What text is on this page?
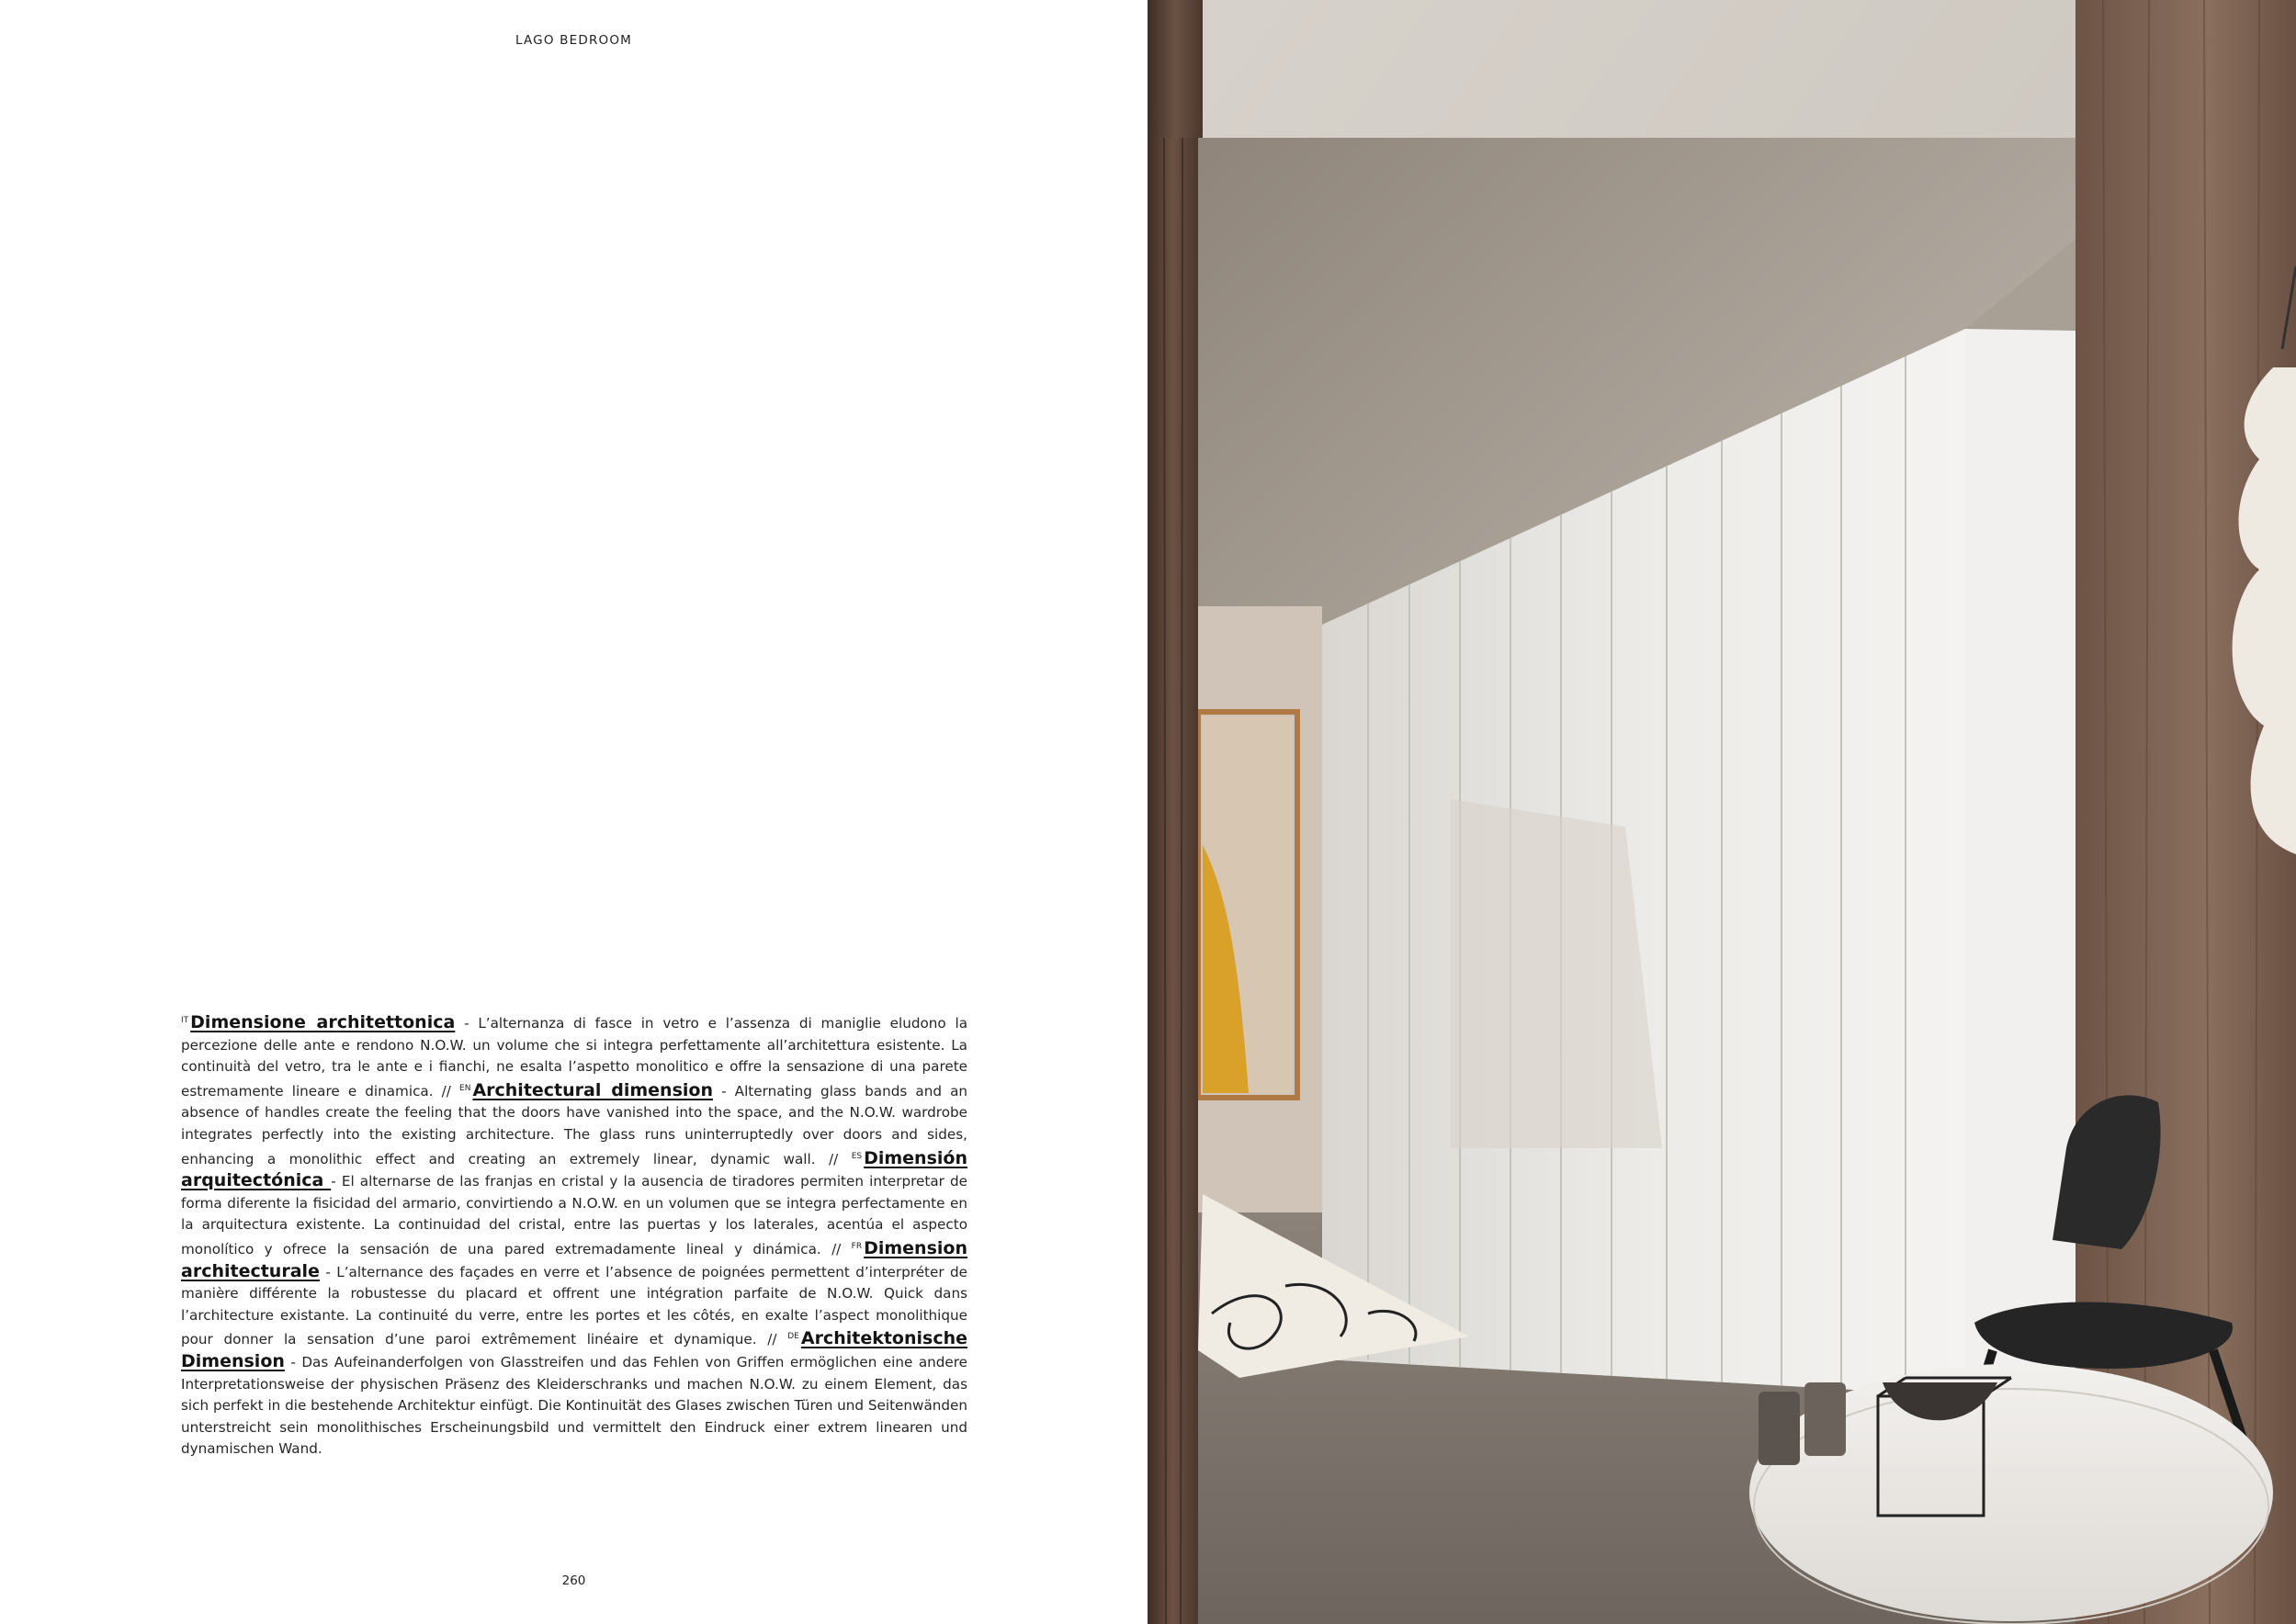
LAGO BEDROOM
$^{IT}$ Dimensione architettonica - L’alternanza di fasce in vetro e l’assenza di maniglie eludono la percezione delle ante e rendono N.O.W. un volume che si integra perfettamente all’architettura esistente. La continuità del vetro, tra le ante e i fianchi, ne esalta l’aspetto monolitico e offre la sensazione di una parete estremamente lineare e dinamica. // $^{EN}$ Architectural dimension - Alternating glass bands and an absence of handles create the feeling that the doors have vanished into the space, and the N.O.W. wardrobe integrates perfectly into the existing architecture. The glass runs uninterruptedly over doors and sides, enhancing a monolithic effect and creating an extremely linear, dynamic wall. // $^{ES}$ Dimensión arquitectónica - El alternarse de las franjas en cristal y la ausencia de tiradores permiten interpretar de forma diferente la fisicidad del armario, convirtiendo a N.O.W. en un volumen que se integra perfectamente en la arquitectura existente. La continuidad del cristal, entre las puertas y los laterales, acentúa el aspecto monolítico y ofrece la sensación de una pared extremadamente lineal y dinámica. // $^{FR}$ Dimension architecturale - L’alternance des façades en verre et l’absence de poignées permettent d’interpréter de manière différente la robustesse du placard et offrent une intégration parfaite de N.O.W. Quick dans l’architecture existante. La continuité du verre, entre les portes et les côtés, en exalte l’aspect monolithique pour donner la sensation d’une paroi extrêmement linéaire et dynamique. // $^{DE}$ Architektonische Dimension - Das Aufeinanderfolgen von Glasstreifen und das Fehlen von Griffen ermöglichen eine andere Interpretationsweise der physischen Präsenz des Kleiderschranks und machen N.O.W. zu einem Element, das sich perfekt in die bestehende Architektur einfügt. Die Kontinuität des Glases zwischen Türen und Seitenwänden unterstreicht sein monolithisches Erscheinungsbild und vermittelt den Eindruck einer extrem linearen und dynamischen Wand.
260
